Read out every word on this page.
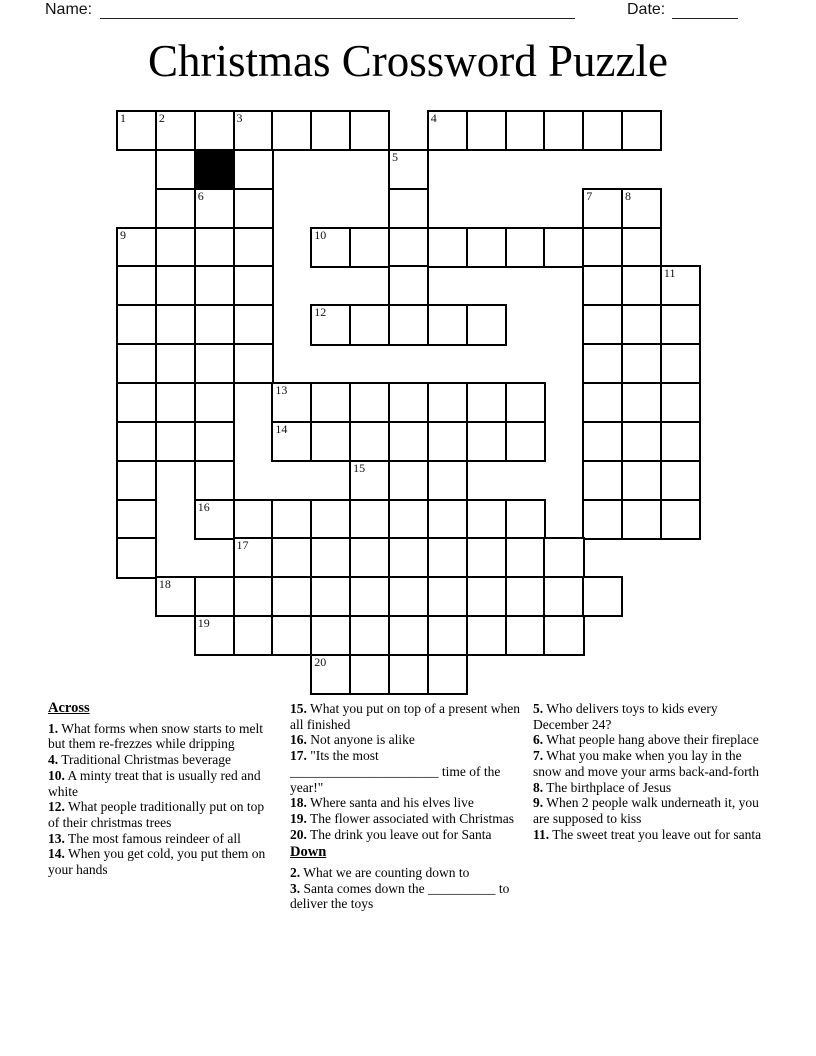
Name:	Date:
Christmas Crossword Puzzle
1	2	3	4
5
6	7	8
9	10
11
12
13
14
15
16
17
18
19
20

Across

1. What forms when snow starts to melt but them re-frezzes while dripping

4. Traditional Christmas beverage

10. A minty treat that is usually red and white

12. What people traditionally put on top of their christmas trees

13. The most famous reindeer of all

14. When you get cold, you put them on your hands

15. What you put on top of a present when all finished

16. Not anyone is alike

17. "Its the most ______________________ time of the year!"

18. Where santa and his elves live

19. The flower associated with Christmas

20. The drink you leave out for Santa

Down

2. What we are counting down to

3. Santa comes down the __________ to deliver the toys

5. Who delivers toys to kids every December 24?

6. What people hang above their fireplace

7. What you make when you lay in the snow and move your arms back-and-forth

8. The birthplace of Jesus

9. When 2 people walk underneath it, you are supposed to kiss

11. The sweet treat you leave out for santa
